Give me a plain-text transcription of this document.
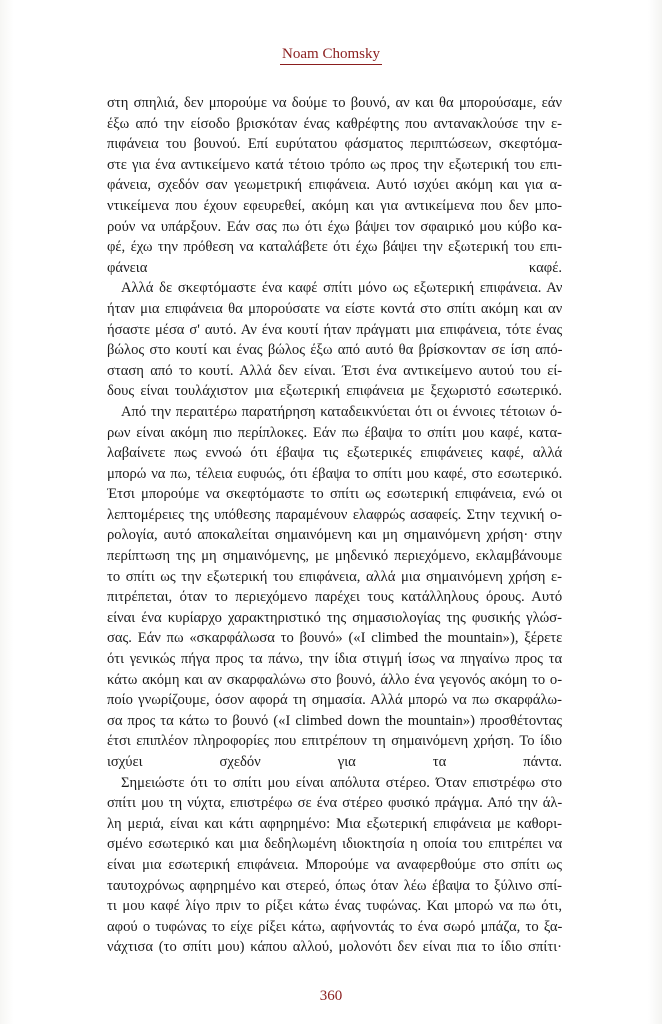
Noam Chomsky

στη σπηλιά, δεν μπορούμε να δούμε το βουνό, αν και θα μπορούσαμε, εάν
έξω από την είσοδο βρισκόταν ένας καθρέφτης που αντανακλούσε την ε-
πιφάνεια του βουνού. Επί ευρύτατου φάσματος περιπτώσεων, σκεφτόμα-
στε για ένα αντικείμενο κατά τέτοιο τρόπο ως προς την εξωτερική του επι-
φάνεια, σχεδόν σαν γεωμετρική επιφάνεια. Αυτό ισχύει ακόμη και για α-
ντικείμενα που έχουν εφευρεθεί, ακόμη και για αντικείμενα που δεν μπο-
ρούν να υπάρξουν. Εάν σας πω ότι έχω βάψει τον σφαιρικό μου κύβο κα-
φέ, έχω την πρόθεση να καταλάβετε ότι έχω βάψει την εξωτερική του επι-
φάνεια καφέ.

Αλλά δε σκεφτόμαστε ένα καφέ σπίτι μόνο ως εξωτερική επιφάνεια. Αν
ήταν μια επιφάνεια θα μπορούσατε να είστε κοντά στο σπίτι ακόμη και αν
ήσαστε μέσα σ' αυτό. Αν ένα κουτί ήταν πράγματι μια επιφάνεια, τότε ένας
βώλος στο κουτί και ένας βώλος έξω από αυτό θα βρίσκονταν σε ίση από-
σταση από το κουτί. Αλλά δεν είναι. Έτσι ένα αντικείμενο αυτού του εί-
δους είναι τουλάχιστον μια εξωτερική επιφάνεια με ξεχωριστό εσωτερικό.

Από την περαιτέρω παρατήρηση καταδεικνύεται ότι οι έννοιες τέτοιων ό-
ρων είναι ακόμη πιο περίπλοκες. Εάν πω έβαψα το σπίτι μου καφέ, κατα-
λαβαίνετε πως εννοώ ότι έβαψα τις εξωτερικές επιφάνειες καφέ, αλλά
μπορώ να πω, τέλεια ευφυώς, ότι έβαψα το σπίτι μου καφέ, στο εσωτερικό.
Έτσι μπορούμε να σκεφτόμαστε το σπίτι ως εσωτερική επιφάνεια, ενώ οι
λεπτομέρειες της υπόθεσης παραμένουν ελαφρώς ασαφείς. Στην τεχνική ο-
ρολογία, αυτό αποκαλείται σημαινόμενη και μη σημαινόμενη χρήση· στην
περίπτωση της μη σημαινόμενης, με μηδενικό περιεχόμενο, εκλαμβάνουμε
το σπίτι ως την εξωτερική του επιφάνεια, αλλά μια σημαινόμενη χρήση ε-
πιτρέπεται, όταν το περιεχόμενο παρέχει τους κατάλληλους όρους. Αυτό
είναι ένα κυρίαρχο χαρακτηριστικό της σημασιολογίας της φυσικής γλώσ-
σας. Εάν πω «σκαρφάλωσα το βουνό» («I climbed the mountain»), ξέρετε
ότι γενικώς πήγα προς τα πάνω, την ίδια στιγμή ίσως να πηγαίνω προς τα
κάτω ακόμη και αν σκαρφαλώνω στο βουνό, άλλο ένα γεγονός ακόμη το ο-
ποίο γνωρίζουμε, όσον αφορά τη σημασία. Αλλά μπορώ να πω σκαρφάλω-
σα προς τα κάτω το βουνό («I climbed down the mountain») προσθέτοντας
έτσι επιπλέον πληροφορίες που επιτρέπουν τη σημαινόμενη χρήση. Το ίδιο
ισχύει σχεδόν για τα πάντα.

Σημειώστε ότι το σπίτι μου είναι απόλυτα στέρεο. Όταν επιστρέφω στο
σπίτι μου τη νύχτα, επιστρέφω σε ένα στέρεο φυσικό πράγμα. Από την άλ-
λη μεριά, είναι και κάτι αφηρημένο: Μια εξωτερική επιφάνεια με καθορι-
σμένο εσωτερικό και μια δεδηλωμένη ιδιοκτησία η οποία του επιτρέπει να
είναι μια εσωτερική επιφάνεια. Μπορούμε να αναφερθούμε στο σπίτι ως
ταυτοχρόνως αφηρημένο και στερεό, όπως όταν λέω έβαψα το ξύλινο σπί-
τι μου καφέ λίγο πριν το ρίξει κάτω ένας τυφώνας. Και μπορώ να πω ότι,
αφού ο τυφώνας το είχε ρίξει κάτω, αφήνοντάς το ένα σωρό μπάζα, το ξα-
νάχτισα (το σπίτι μου) κάπου αλλού, μολονότι δεν είναι πια το ίδιο σπίτι·

360
